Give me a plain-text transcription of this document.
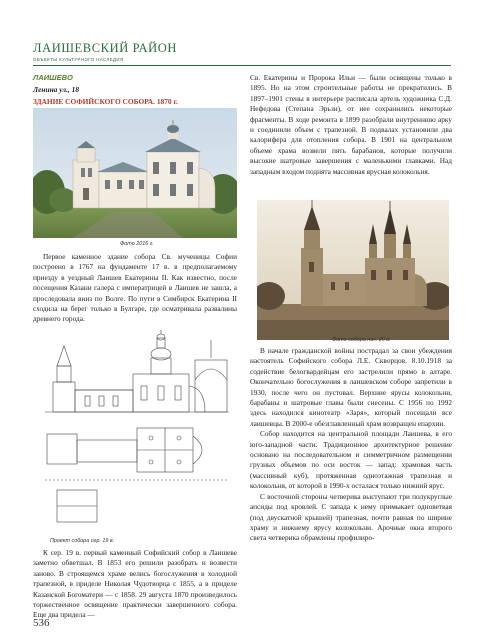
ЛАИШЕВСКИЙ РАЙОН
ОБЪЕКТЫ КУЛЬТУРНОГО НАСЛЕДИЯ
ЛАИШЕВО
Ленина ул., 18
ЗДАНИЕ СОФИЙСКОГО СОБОРА. 1870 г.
Фото 2016 г.

Св. Екатерины и Пророка Ильи — были освящены только в 1895. Но на этом строительные работы не прекратились. В 1897–1901 стены в интерьере расписала артель художника С.Д. Нефедова (Степана Эрьзи), от нее сохранились некоторые фрагменты. В ходе ремонта в 1899 разобрали внутреннюю арку и соединили объем с трапезной. В подвалах установили два калорифера для отопления собора. В 1901 на центральном объеме храма возвели пять барабанов, которые получили высокие шатровые завершения с маленькими главками. Над западным входом поднята массивная ярусная колокольня.

Фото собора нач. 20 в.

Первое каменное здание собора Св. мученицы Софии построено в 1767 на фундаменте 17 в. в предполагаемому приезду в уездный Лаишев Екатерины II. Как известно, после посещения Казани галера с императрицей в Лаишев не зашла, а проследовала вниз по Волге. По пути в Симбирск Екатерина II сходила на берег только в Булгаре, где осматривала развалины древнего города.

Проект собора сер. 19 в.

К сер. 19 в. первый каменный Софийский собор в Лаишеве заметно обветшал. В 1853 его решили разобрать и возвести заново. В строящемся храме велись богослужения в холодной трапезной, в приделе Николая Чудотворца с 1855, а в приделе Казанской Богоматери — с 1858. 29 августа 1870 произведилось торжественное освящение практически завершенного собора. Еще два придела —

В начале гражданской войны пострадал за свои убеждения настоятель Софийского собора Л.Е. Скворцов. 8.10.1918 за содействие белогвардейцам его застрелили прямо в алтаре. Окончательно богослужения в лаишевском соборе запретили в 1930, после чего он пустовал. Верхние ярусы колокольни, барабаны и шатровые главы были снесены. С 1956 по 1992 здесь находился кинотеатр «Заря», который посещали все лаишевцы. В 2000-е обезглавленный храм возвращен епархии.

Собор находится на центральной площади Лаишева, в его юго-западной части. Традиционное архитектурное решение основано на последовательном и симметричном размещении грузных объемов по оси восток — запад: храмовая часть (массивный куб), протяженная одноэтажная трапезная и колокольня, от которой в 1990-х осталася только нижний ярус.

С восточной стороны четверика выступают три полукруглые апсиды под кровлей. С запада к нему примыкает одноветвая (под двускатной крышей) трапезная, почти равная по ширине храму и нижнему ярусу колокольни. Арочные окна второго света четверика обрамлены профилиро-

536
